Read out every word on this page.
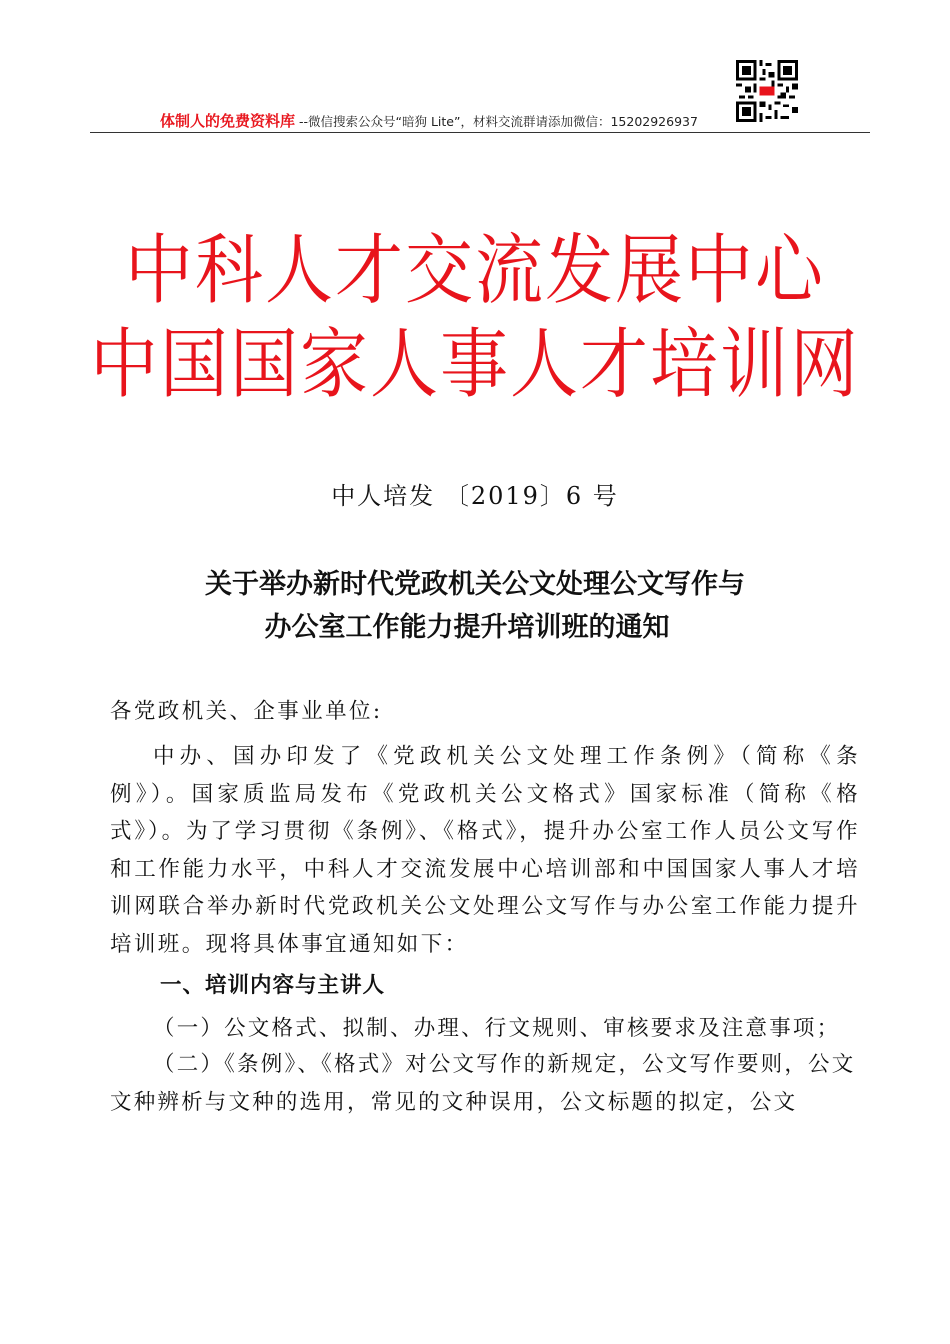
体制人的免费资料库 --微信搜索公众号“暗狗 Lite”，材料交流群请添加微信：15202926937
中科人才交流发展中心
中国国家人事人才培训网
中人培发 〔2019〕6 号
关于举办新时代党政机关公文处理公文写作与
办公室工作能力提升培训班的通知
各党政机关、企事业单位:

中办、国办印发了《党政机关公文处理工作条例》（简称《条例》）。国家质监局发布《党政机关公文格式》国家标准（简称《格式》）。为了学习贯彻《条例》、《格式》，提升办公室工作人员公文写作和工作能力水平，中科人才交流发展中心培训部和中国国家人事人才培训网联合举办新时代党政机关公文处理公文写作与办公室工作能力提升培训班。现将具体事宜通知如下：

一、培训内容与主讲人
（一）公文格式、拟制、办理、行文规则、审核要求及注意事项；
（二）《条例》、《格式》对公文写作的新规定，公文写作要则，公文文种辨析与文种的选用，常见的文种误用，公文标题的拟定，公文
